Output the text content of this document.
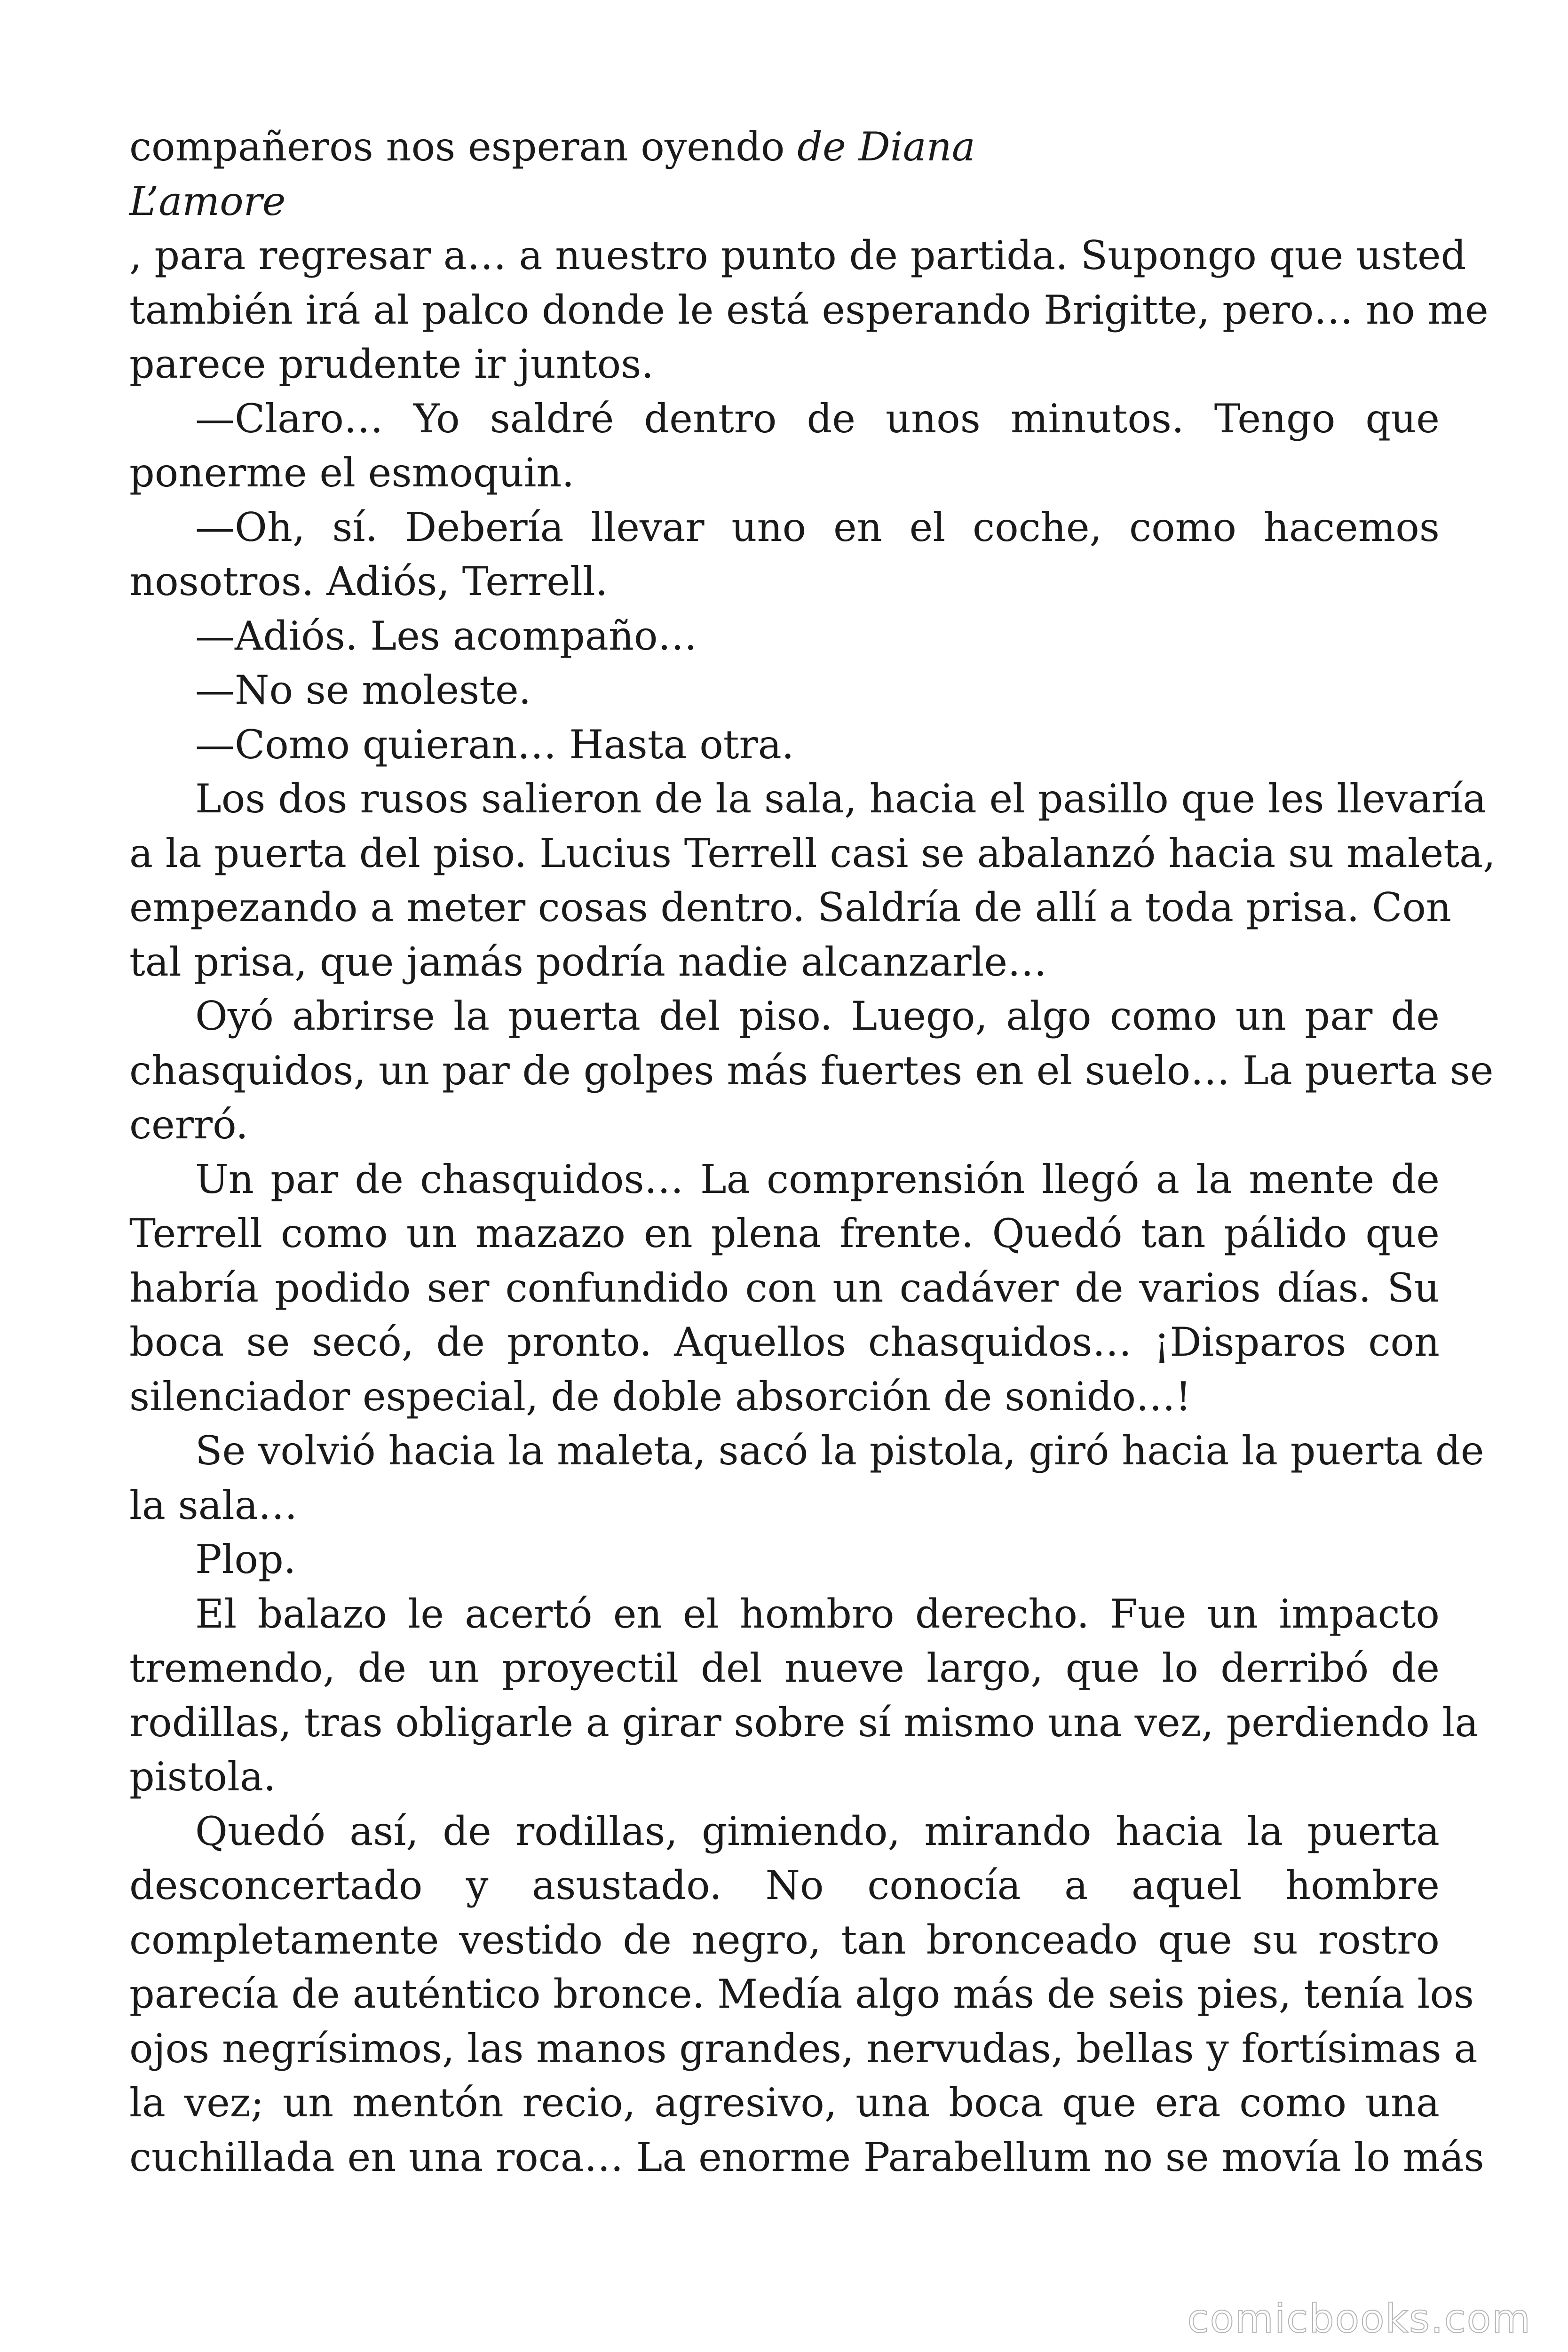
compañeros nos esperan oyendo de Diana
L’amore
, para regresar a… a nuestro punto de partida. Supongo que usted
también irá al palco donde le está esperando Brigitte, pero… no me
parece prudente ir juntos.
—Claro… Yo saldré dentro de unos minutos. Tengo que
ponerme el esmoquin.
—Oh, sí. Debería llevar uno en el coche, como hacemos
nosotros. Adiós, Terrell.
—Adiós. Les acompaño…
—No se moleste.
—Como quieran… Hasta otra.
Los dos rusos salieron de la sala, hacia el pasillo que les llevaría
a la puerta del piso. Lucius Terrell casi se abalanzó hacia su maleta,
empezando a meter cosas dentro. Saldría de allí a toda prisa. Con
tal prisa, que jamás podría nadie alcanzarle…
Oyó abrirse la puerta del piso. Luego, algo como un par de
chasquidos, un par de golpes más fuertes en el suelo… La puerta se
cerró.
Un par de chasquidos… La comprensión llegó a la mente de
Terrell como un mazazo en plena frente. Quedó tan pálido que
habría podido ser confundido con un cadáver de varios días. Su
boca se secó, de pronto. Aquellos chasquidos… ¡Disparos con
silenciador especial, de doble absorción de sonido…!
Se volvió hacia la maleta, sacó la pistola, giró hacia la puerta de
la sala…
Plop.
El balazo le acertó en el hombro derecho. Fue un impacto
tremendo, de un proyectil del nueve largo, que lo derribó de
rodillas, tras obligarle a girar sobre sí mismo una vez, perdiendo la
pistola.
Quedó así, de rodillas, gimiendo, mirando hacia la puerta
desconcertado y asustado. No conocía a aquel hombre
completamente vestido de negro, tan bronceado que su rostro
parecía de auténtico bronce. Medía algo más de seis pies, tenía los
ojos negrísimos, las manos grandes, nervudas, bellas y fortísimas a
la vez; un mentón recio, agresivo, una boca que era como una
cuchillada en una roca… La enorme Parabellum no se movía lo más
comicbooks.com
